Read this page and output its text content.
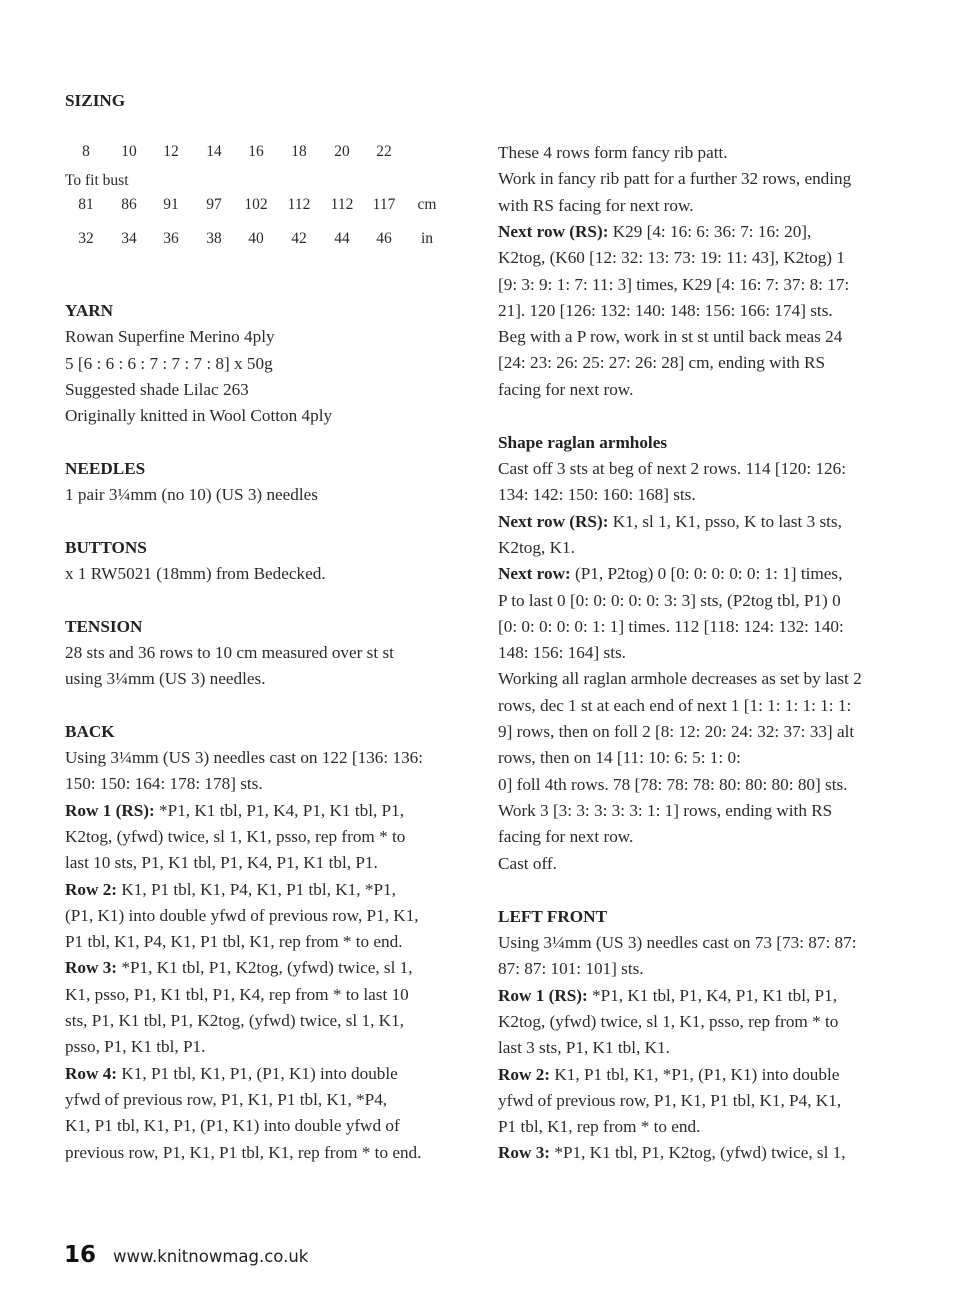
SIZING
8	10	12	14	16	18	20	22
To fit bust
81	86	91	97	102	112	112	117	cm
32	34	36	38	40	42	44	46	in
YARN
Rowan Superfine Merino 4ply
5 [6 : 6 : 6 : 7 : 7 : 7 : 8] x 50g
Suggested shade Lilac 263
Originally knitted in Wool Cotton 4ply
NEEDLES
1 pair 3¼mm (no 10) (US 3) needles
BUTTONS
x 1 RW5021 (18mm) from Bedecked.
TENSION
28 sts and 36 rows to 10 cm measured over st st
using 3¼mm (US 3) needles.
BACK
Using 3¼mm (US 3) needles cast on 122 [136: 136:
150: 150: 164: 178: 178] sts.
Row 1 (RS): *P1, K1 tbl, P1, K4, P1, K1 tbl, P1,
K2tog, (yfwd) twice, sl 1, K1, psso, rep from * to
last 10 sts, P1, K1 tbl, P1, K4, P1, K1 tbl, P1.
Row 2: K1, P1 tbl, K1, P4, K1, P1 tbl, K1, *P1,
(P1, K1) into double yfwd of previous row, P1, K1,
P1 tbl, K1, P4, K1, P1 tbl, K1, rep from * to end.
Row 3: *P1, K1 tbl, P1, K2tog, (yfwd) twice, sl 1,
K1, psso, P1, K1 tbl, P1, K4, rep from * to last 10
sts, P1, K1 tbl, P1, K2tog, (yfwd) twice, sl 1, K1,
psso, P1, K1 tbl, P1.
Row 4: K1, P1 tbl, K1, P1, (P1, K1) into double
yfwd of previous row, P1, K1, P1 tbl, K1, *P4,
K1, P1 tbl, K1, P1, (P1, K1) into double yfwd of
previous row, P1, K1, P1 tbl, K1, rep from * to end.
These 4 rows form fancy rib patt.
Work in fancy rib patt for a further 32 rows, ending
with RS facing for next row.
Next row (RS): K29 [4: 16: 6: 36: 7: 16: 20],
K2tog, (K60 [12: 32: 13: 73: 19: 11: 43], K2tog) 1
[9: 3: 9: 1: 7: 11: 3] times, K29 [4: 16: 7: 37: 8: 17:
21]. 120 [126: 132: 140: 148: 156: 166: 174] sts.
Beg with a P row, work in st st until back meas 24
[24: 23: 26: 25: 27: 26: 28] cm, ending with RS
facing for next row.
Shape raglan armholes
Cast off 3 sts at beg of next 2 rows. 114 [120: 126:
134: 142: 150: 160: 168] sts.
Next row (RS): K1, sl 1, K1, psso, K to last 3 sts,
K2tog, K1.
Next row: (P1, P2tog) 0 [0: 0: 0: 0: 0: 1: 1] times,
P to last 0 [0: 0: 0: 0: 0: 3: 3] sts, (P2tog tbl, P1) 0
[0: 0: 0: 0: 0: 1: 1] times. 112 [118: 124: 132: 140:
148: 156: 164] sts.
Working all raglan armhole decreases as set by last 2
rows, dec 1 st at each end of next 1 [1: 1: 1: 1: 1: 1:
9] rows, then on foll 2 [8: 12: 20: 24: 32: 37: 33] alt
rows, then on 14 [11: 10: 6: 5: 1: 0:
0] foll 4th rows. 78 [78: 78: 78: 80: 80: 80: 80] sts.
Work 3 [3: 3: 3: 3: 3: 1: 1] rows, ending with RS
facing for next row.
Cast off.
LEFT FRONT
Using 3¼mm (US 3) needles cast on 73 [73: 87: 87:
87: 87: 101: 101] sts.
Row 1 (RS): *P1, K1 tbl, P1, K4, P1, K1 tbl, P1,
K2tog, (yfwd) twice, sl 1, K1, psso, rep from * to
last 3 sts, P1, K1 tbl, K1.
Row 2: K1, P1 tbl, K1, *P1, (P1, K1) into double
yfwd of previous row, P1, K1, P1 tbl, K1, P4, K1,
P1 tbl, K1, rep from * to end.
Row 3: *P1, K1 tbl, P1, K2tog, (yfwd) twice, sl 1,
16 www.knitnowmag.co.uk
